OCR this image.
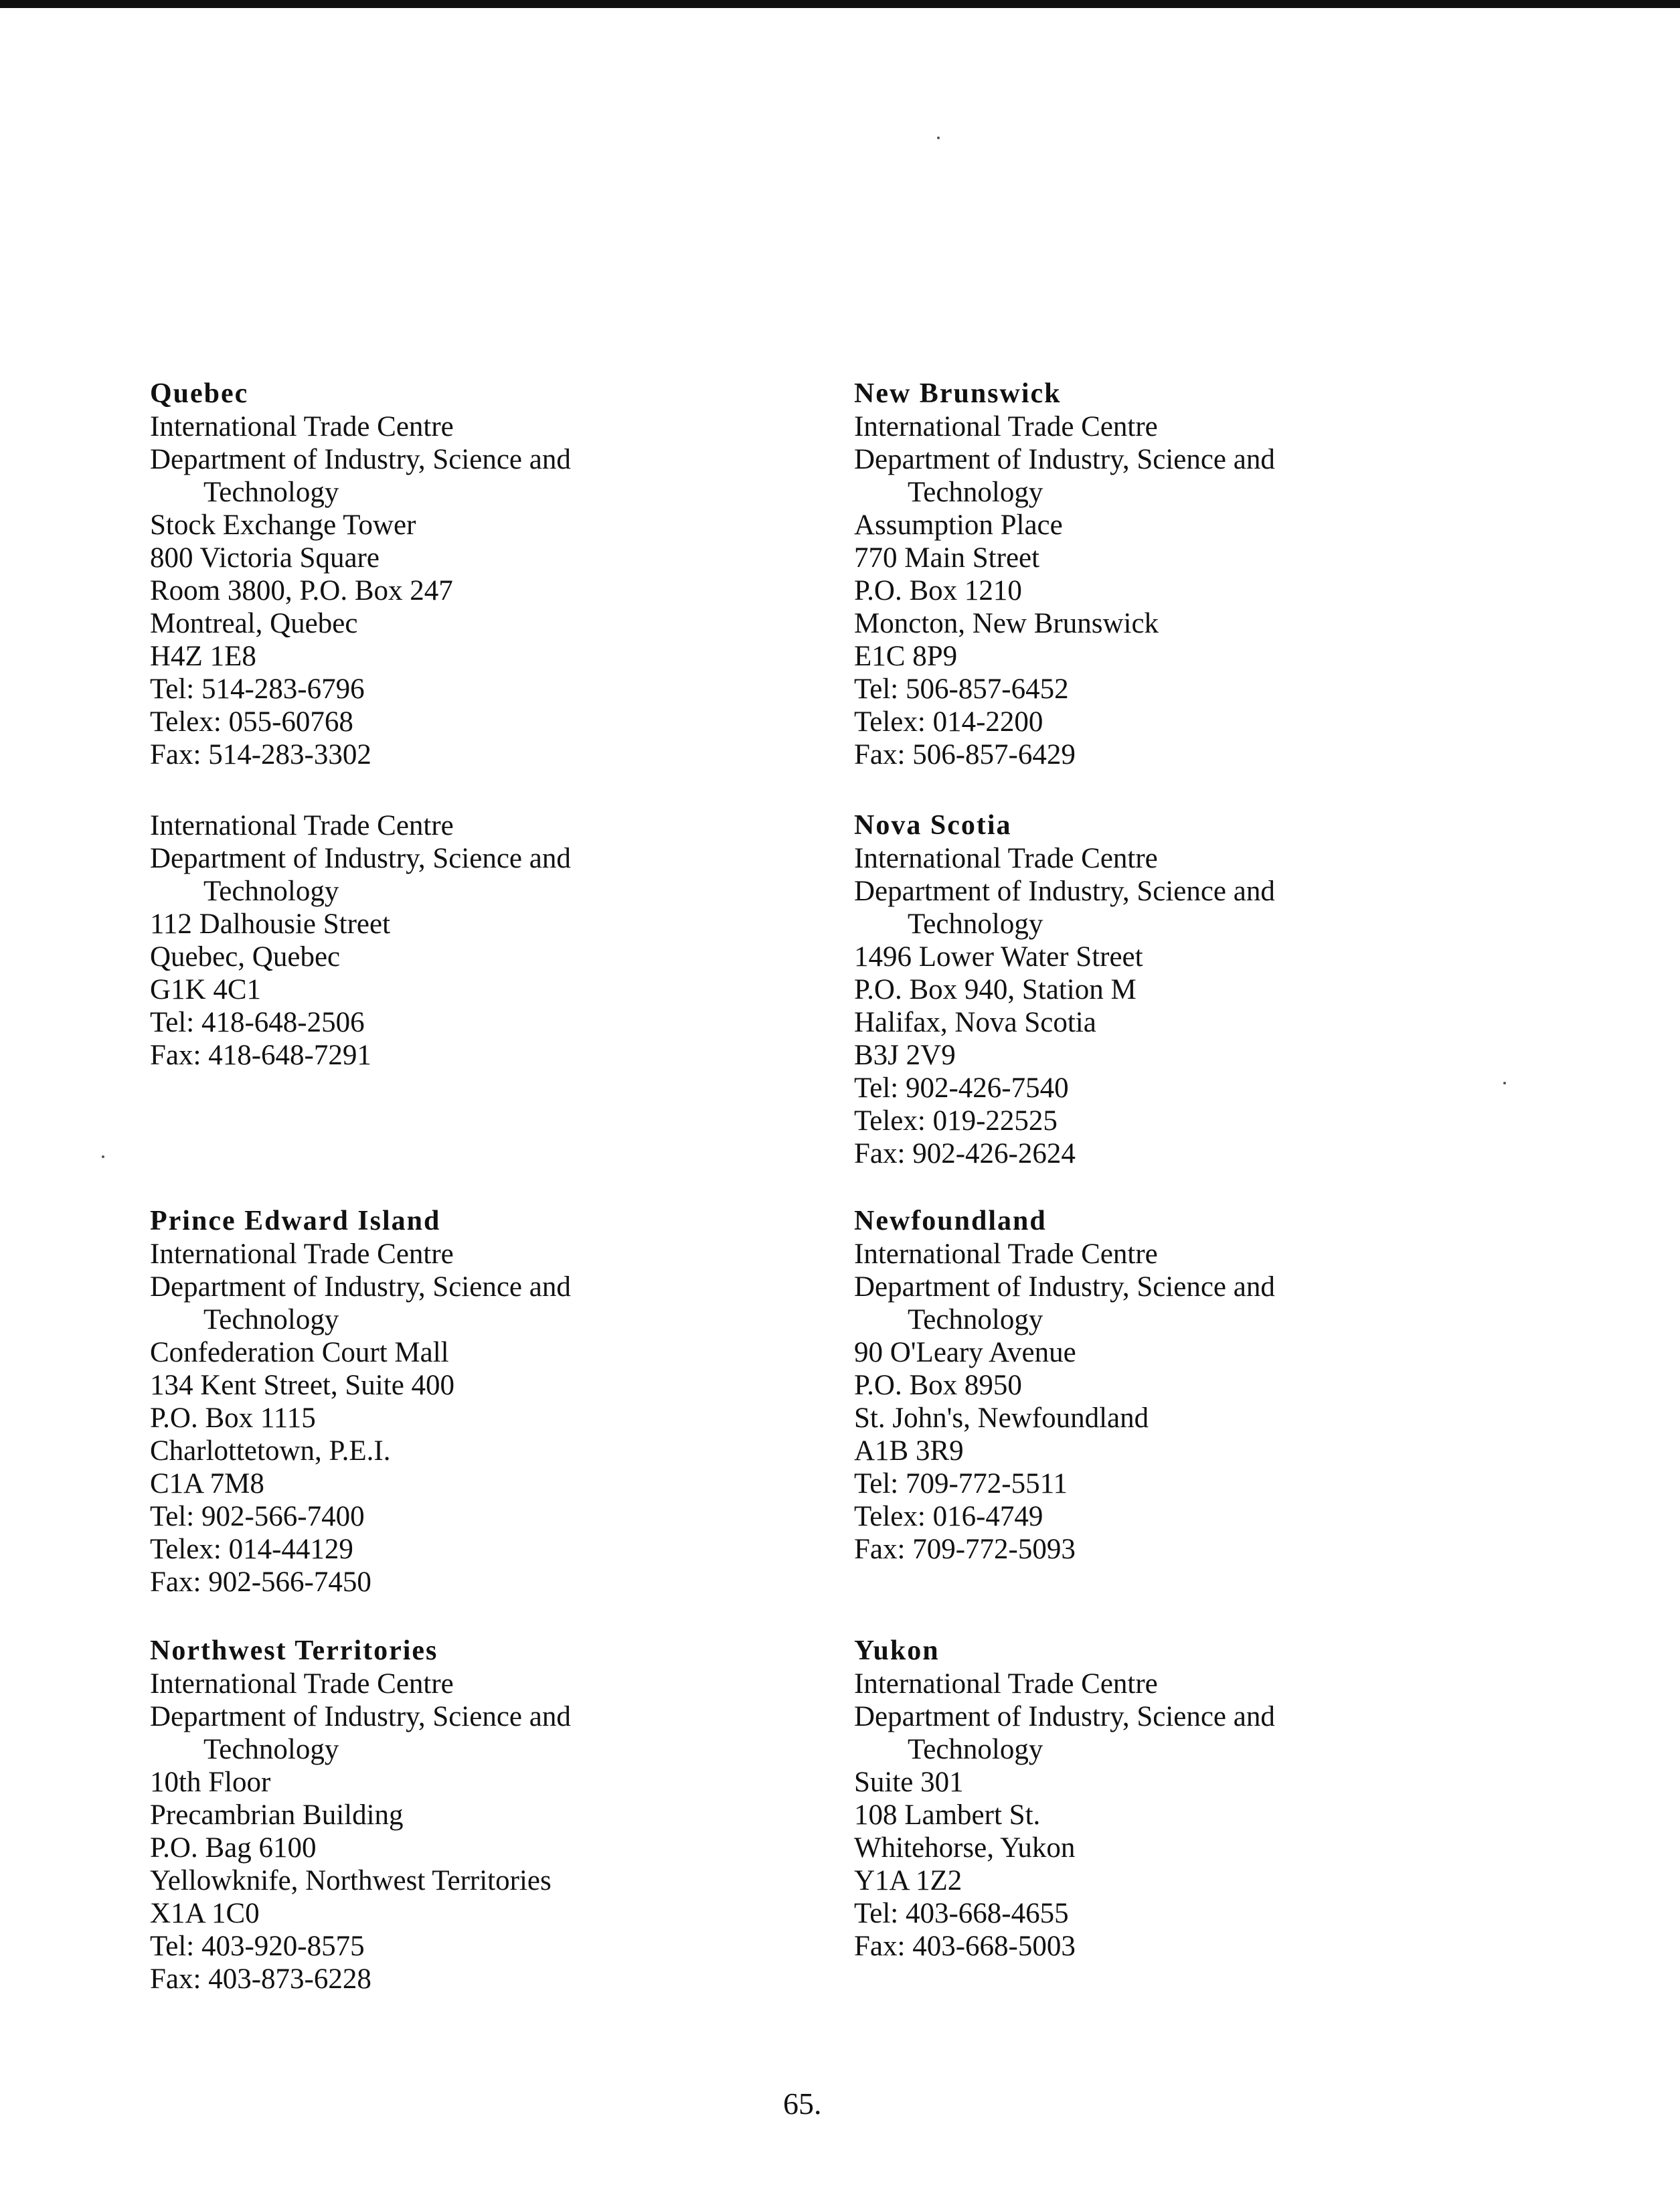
Quebec
International Trade Centre
Department of Industry, Science and
Technology
Stock Exchange Tower
800 Victoria Square
Room 3800, P.O. Box 247
Montreal, Quebec
H4Z 1E8
Tel: 514-283-6796
Telex: 055-60768
Fax: 514-283-3302
International Trade Centre
Department of Industry, Science and
Technology
112 Dalhousie Street
Quebec, Quebec
G1K 4C1
Tel: 418-648-2506
Fax: 418-648-7291
Prince Edward Island
International Trade Centre
Department of Industry, Science and
Technology
Confederation Court Mall
134 Kent Street, Suite 400
P.O. Box 1115
Charlottetown, P.E.I.
C1A 7M8
Tel: 902-566-7400
Telex: 014-44129
Fax: 902-566-7450
Northwest Territories
International Trade Centre
Department of Industry, Science and
Technology
10th Floor
Precambrian Building
P.O. Bag 6100
Yellowknife, Northwest Territories
X1A 1C0
Tel: 403-920-8575
Fax: 403-873-6228
New Brunswick
International Trade Centre
Department of Industry, Science and
Technology
Assumption Place
770 Main Street
P.O. Box 1210
Moncton, New Brunswick
E1C 8P9
Tel: 506-857-6452
Telex: 014-2200
Fax: 506-857-6429
Nova Scotia
International Trade Centre
Department of Industry, Science and
Technology
1496 Lower Water Street
P.O. Box 940, Station M
Halifax, Nova Scotia
B3J 2V9
Tel: 902-426-7540
Telex: 019-22525
Fax: 902-426-2624
Newfoundland
International Trade Centre
Department of Industry, Science and
Technology
90 O'Leary Avenue
P.O. Box 8950
St. John's, Newfoundland
A1B 3R9
Tel: 709-772-5511
Telex: 016-4749
Fax: 709-772-5093
Yukon
International Trade Centre
Department of Industry, Science and
Technology
Suite 301
108 Lambert St.
Whitehorse, Yukon
Y1A 1Z2
Tel: 403-668-4655
Fax: 403-668-5003
65.
